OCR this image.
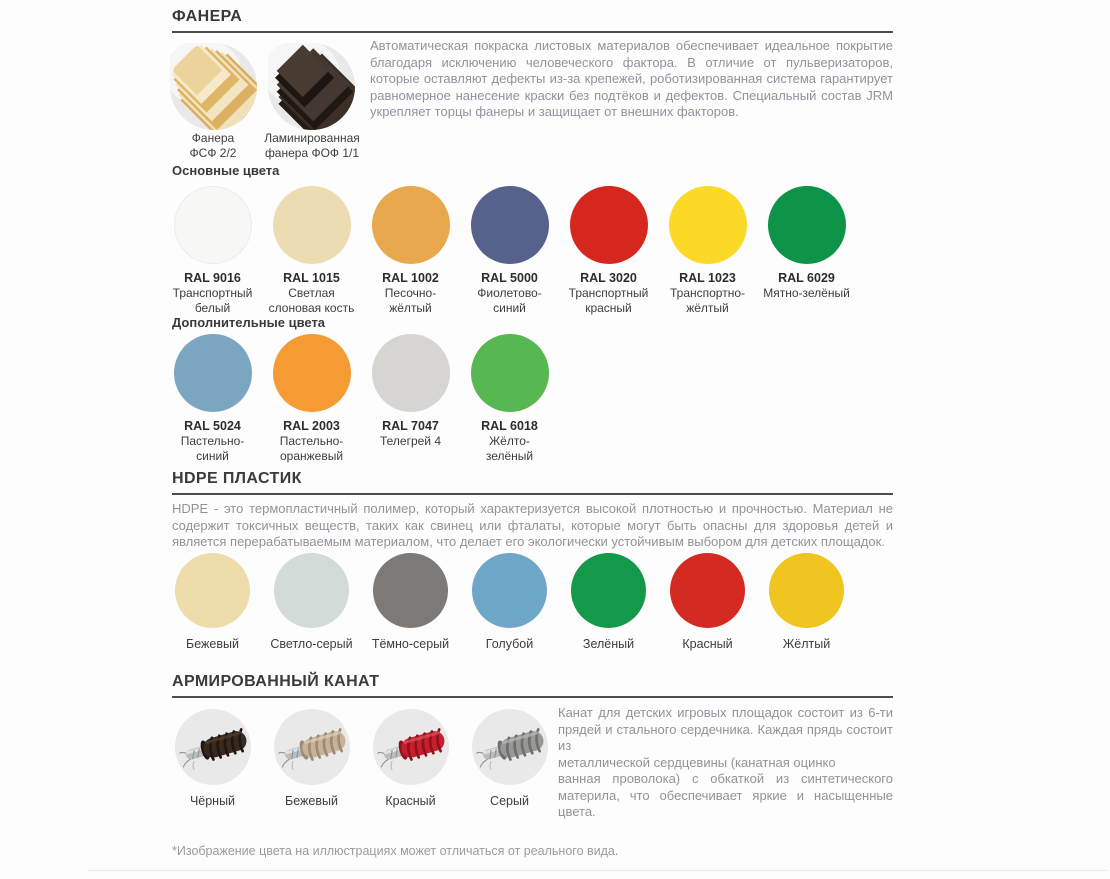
ФАНЕРА
Фанера
ФСФ 2/2
Ламинированная
фанера ФОФ 1/1
Автоматическая покраска листовых материалов обеспечивает идеальное покрытие благодаря исключению человеческого фактора. В отличие от пульверизаторов, которые оставляют дефекты из-за крепежей, роботизированная система гарантирует равномерное нанесение краски без подтёков и дефектов. Специальный состав JRM укрепляет торцы фанеры и защищает от внешних факторов.
Основные цвета
RAL 9016
Транспортный
белый
RAL 1015
Светлая
слоновая кость
RAL 1002
Песочно-
жёлтый
RAL 5000
Фиолетово-
синий
RAL 3020
Транспортный
красный
RAL 1023
Транспортно-
жёлтый
RAL 6029
Мятно-зелёный
Дополнительные цвета
RAL 5024
Пастельно-
синий
RAL 2003
Пастельно-
оранжевый
RAL 7047
Телегрей 4
RAL 6018
Жёлто-
зелёный
HDPE ПЛАСТИК
HDPE - это термопластичный полимер, который характеризуется высокой плотностью и прочностью. Материал не содержит токсичных веществ, таких как свинец или фталаты, которые могут быть опасны для здоровья детей и является перерабатываемым материалом, что делает его экологически устойчивым выбором для детских площадок.
Бежевый	Светло-серый Тёмно-серый	Голубой	Зелёный	Красный	Жёлтый
АРМИРОВАННЫЙ КАНАТ
Чёрный	Бежевый	Красный	Серый
Канат для детских игровых площадок состоит из 6-ти
прядей и стального сердечника. Каждая прядь состоит из
металлической сердцевины (канатная оцинко
ванная проволока) с обкаткой из синтетического
материла, что обеспечивает яркие и насыщенные цвета.
*Изображение цвета на иллюстрациях может отличаться от реального вида.
